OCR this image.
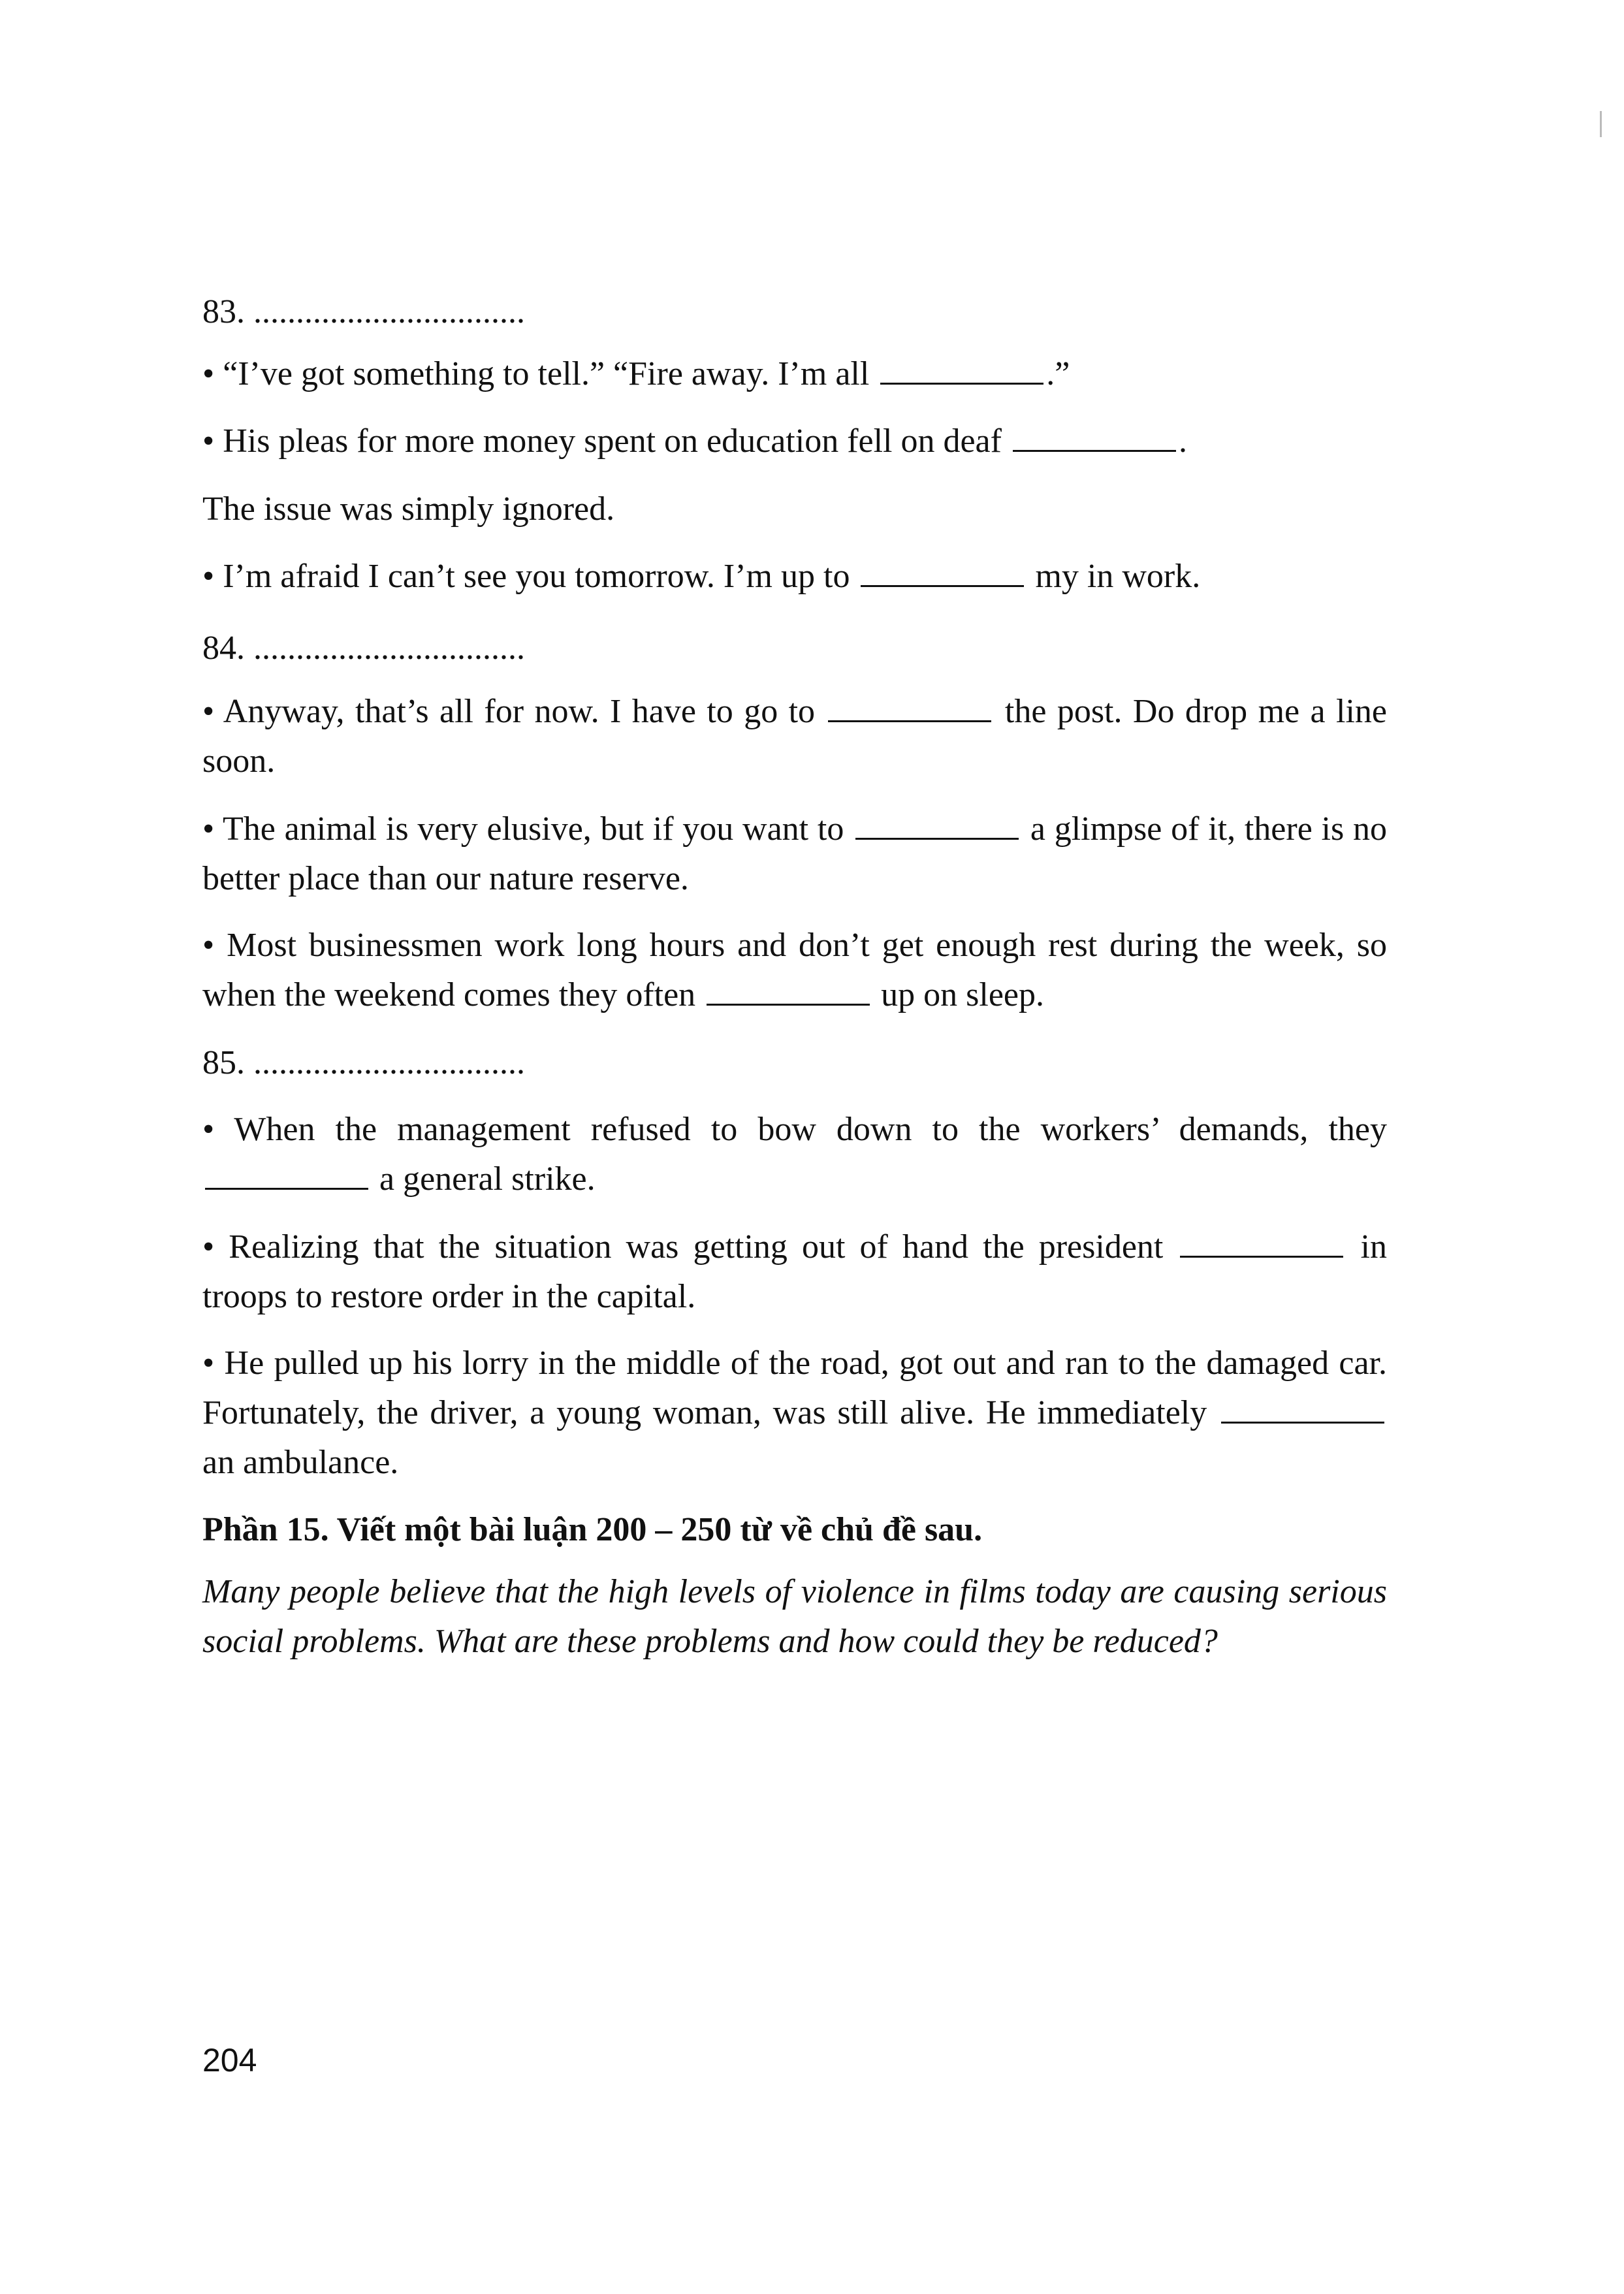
83. ................................

• “I’ve got something to tell.” “Fire away. I’m all	.”

• His pleas for more money spent on education fell on deaf	.

The issue was simply ignored.

• I’m afraid I can’t see you tomorrow. I’m up to	my in work.

84. ................................

• Anyway, that’s all for now. I have to go to	the post. Do drop me a line soon.

• The animal is very elusive, but if you want to	a glimpse of it, there is no better place than our nature reserve.

• Most businessmen work long hours and don’t get enough rest during the week, so when the weekend comes they often	up on sleep.

85. ................................

• When the management refused to bow down to the workers’ demands, they  a general strike.

• Realizing that the situation was getting out of hand the president	in troops to restore order in the capital.

• He pulled up his lorry in the middle of the road, got out and ran to the damaged car. Fortunately, the driver, a young woman, was still alive. He immediately  an ambulance.

Phần 15. Viết một bài luận 200 – 250 từ về chủ đề sau.

Many people believe that the high levels of violence in films today are causing serious social problems. What are these problems and how could they be reduced?

204
